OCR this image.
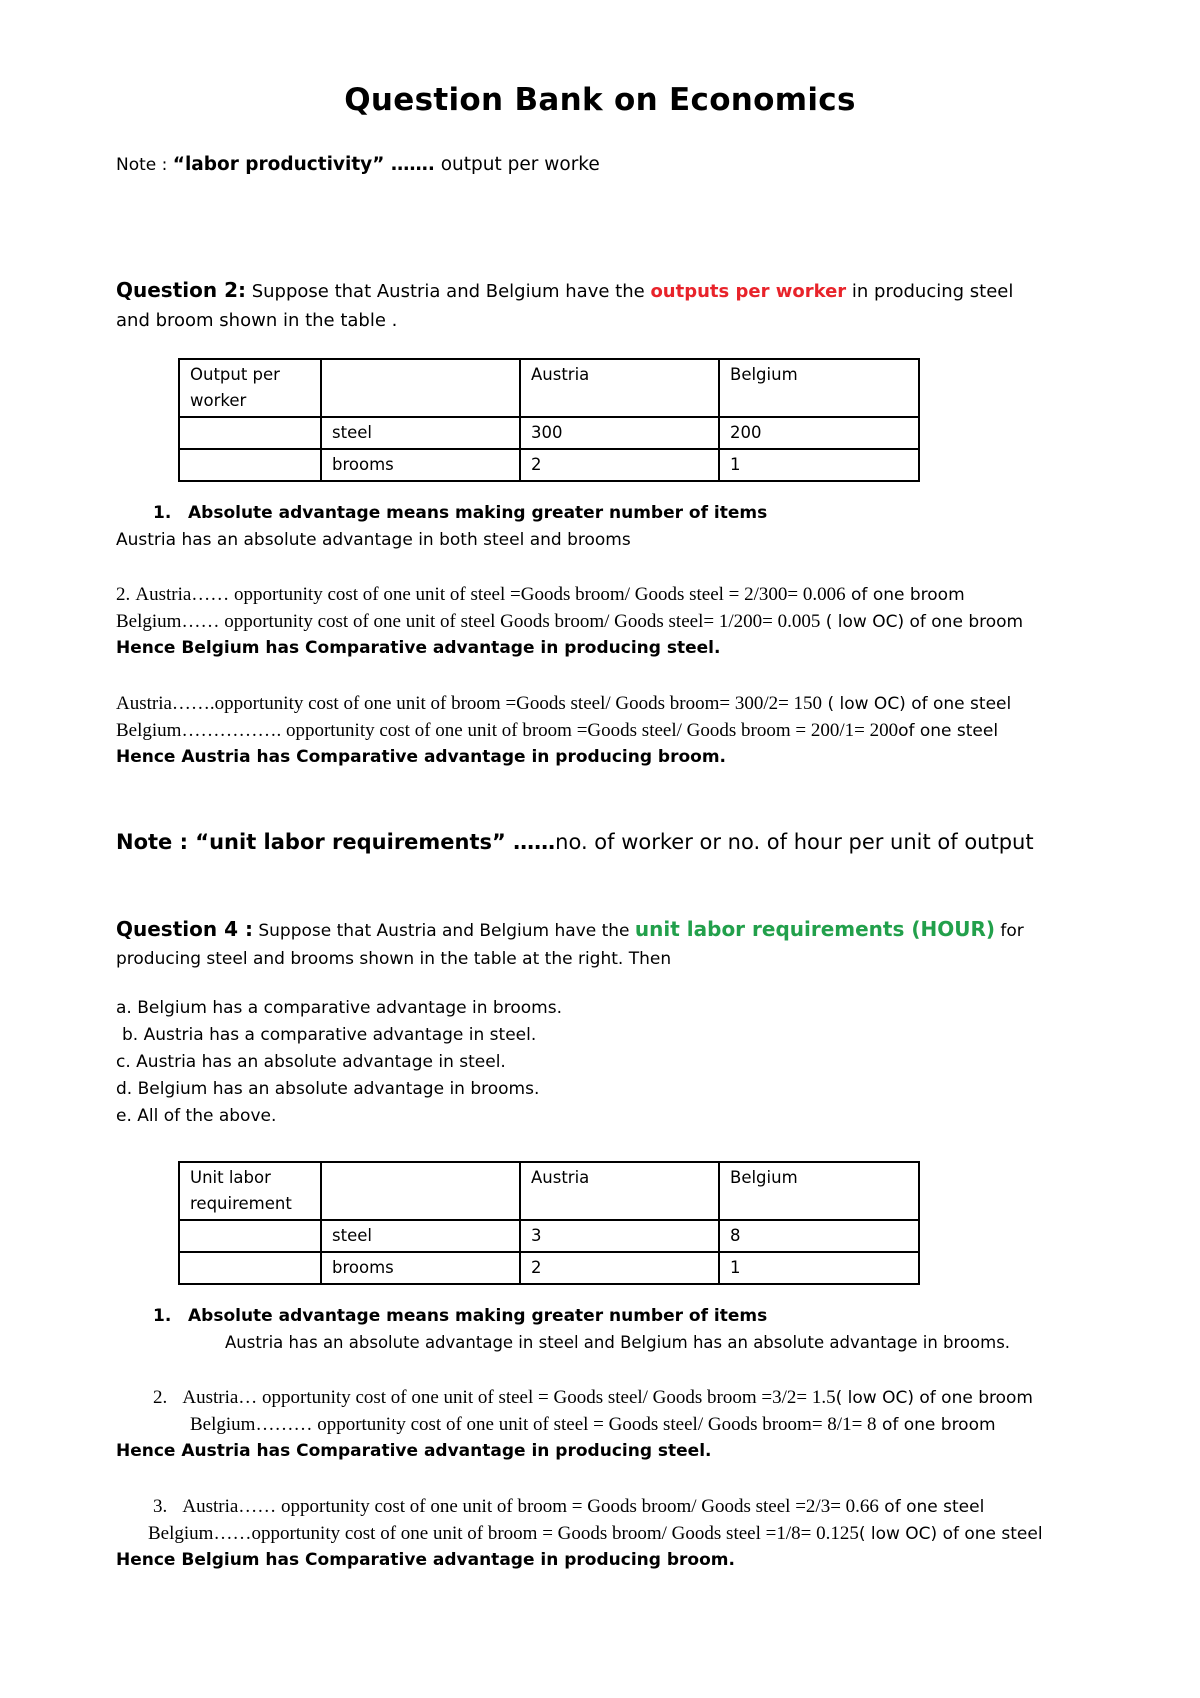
Question Bank on Economics
Note : “labor productivity” ……. output per worke
Question 2: Suppose that Austria and Belgium have the outputs per worker in producing steel
and broom shown in the table .
Output per worker		Austria	Belgium
	steel	300	200
	brooms	2	1
1. Absolute advantage means making greater number of items
Austria has an absolute advantage in both steel and brooms
2. Austria…… opportunity cost of one unit of steel =Goods broom/ Goods steel = 2/300= 0.006 of one broom
Belgium…… opportunity cost of one unit of steel Goods broom/ Goods steel= 1/200= 0.005 ( low OC) of one broom
Hence Belgium has Comparative advantage in producing steel.
Austria…….opportunity cost of one unit of broom =Goods steel/ Goods broom= 300/2= 150 ( low OC) of one steel
Belgium……………. opportunity cost of one unit of broom =Goods steel/ Goods broom = 200/1= 200of one steel
Hence Austria has Comparative advantage in producing broom.
Note : “unit labor requirements” ……no. of worker or no. of hour per unit of output
Question 4 : Suppose that Austria and Belgium have the unit labor requirements (HOUR) for
producing steel and brooms shown in the table at the right. Then
a. Belgium has a comparative advantage in brooms.
b. Austria has a comparative advantage in steel.
c. Austria has an absolute advantage in steel.
d. Belgium has an absolute advantage in brooms.
e. All of the above.
Unit labor requirement		Austria	Belgium
	steel	3	8
	brooms	2	1
1. Absolute advantage means making greater number of items
Austria has an absolute advantage in steel and Belgium has an absolute advantage in brooms.
2. Austria… opportunity cost of one unit of steel = Goods steel/ Goods broom =3/2= 1.5( low OC) of one broom
Belgium……… opportunity cost of one unit of steel = Goods steel/ Goods broom= 8/1= 8 of one broom
Hence Austria has Comparative advantage in producing steel.
3. Austria…… opportunity cost of one unit of broom = Goods broom/ Goods steel =2/3= 0.66 of one steel
Belgium……opportunity cost of one unit of broom = Goods broom/ Goods steel =1/8= 0.125( low OC) of one steel
Hence Belgium has Comparative advantage in producing broom.
